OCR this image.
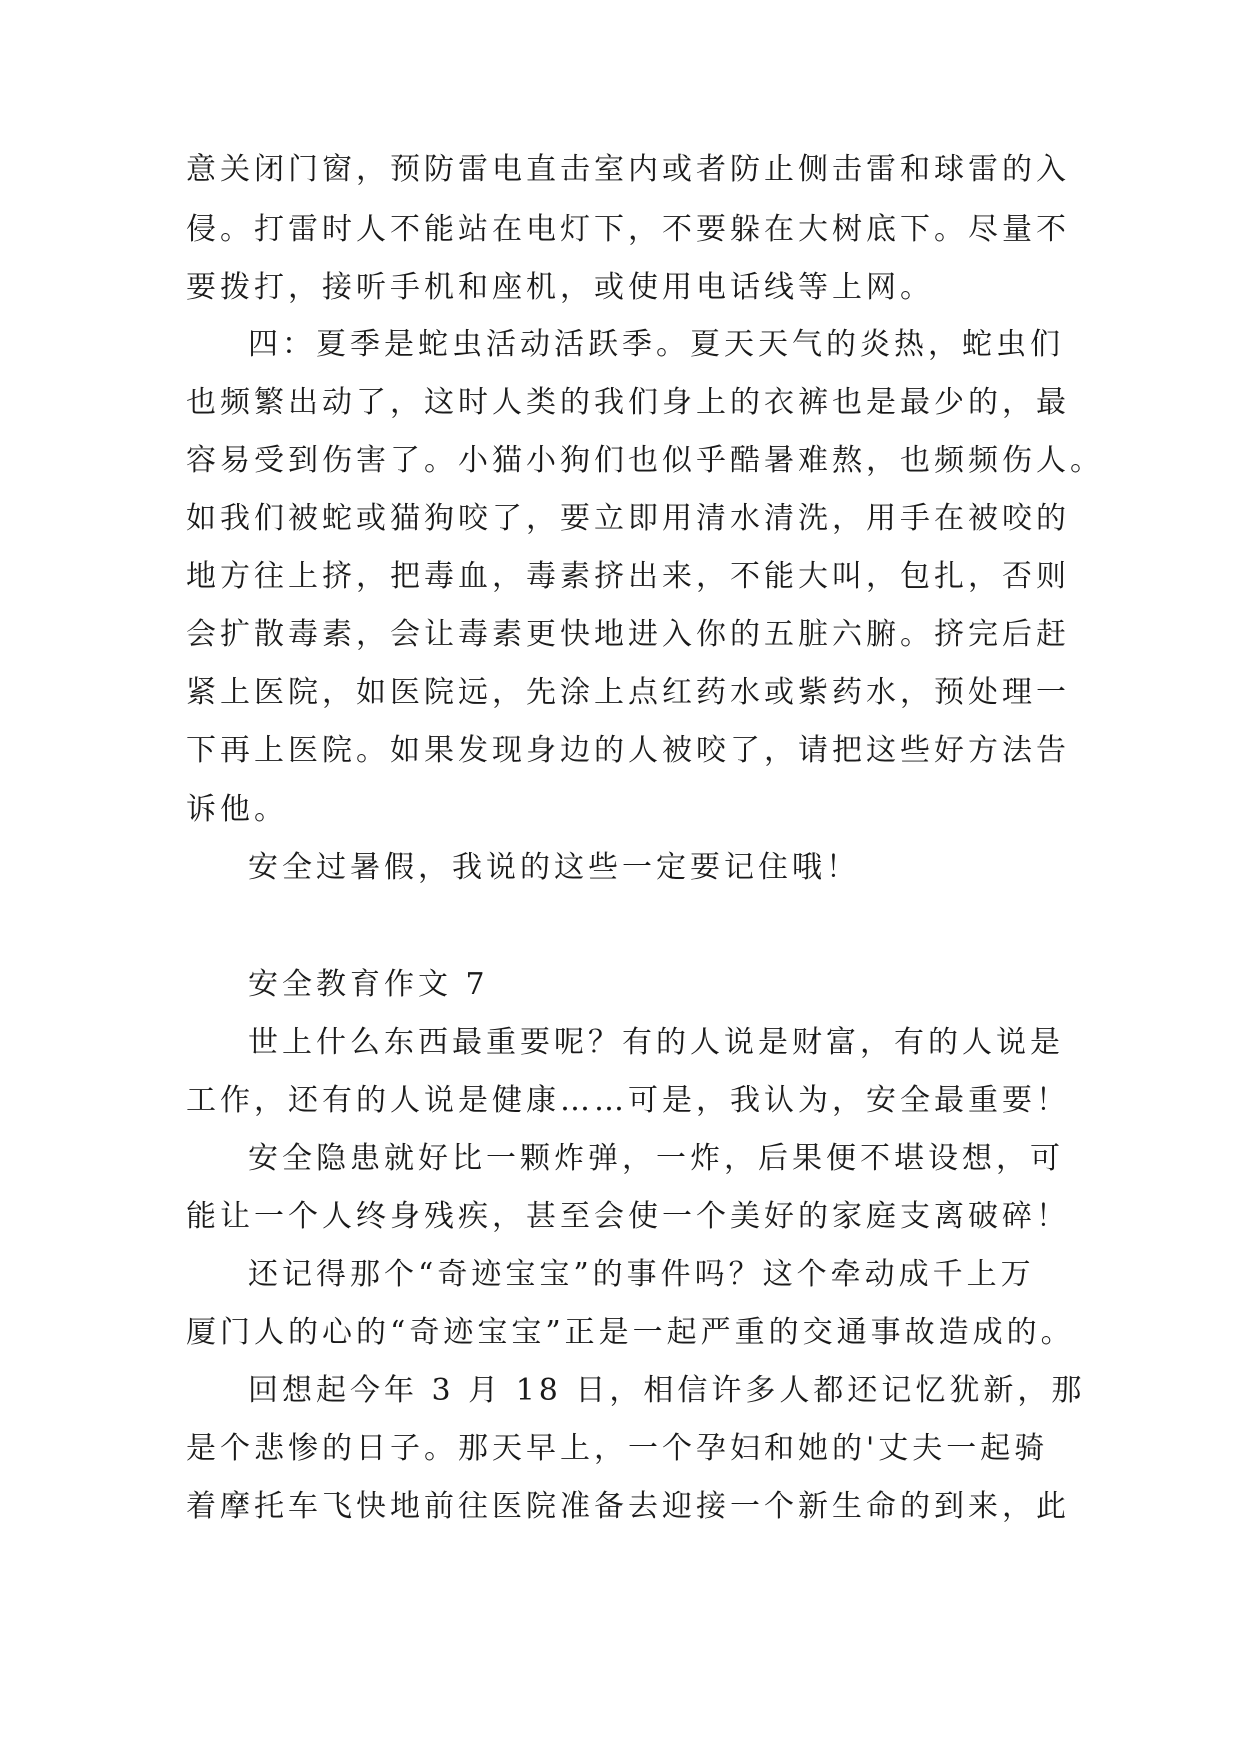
意关闭门窗，预防雷电直击室内或者防止侧击雷和球雷的入
侵。打雷时人不能站在电灯下，不要躲在大树底下。尽量不
要拨打，接听手机和座机，或使用电话线等上网。
四：夏季是蛇虫活动活跃季。夏天天气的炎热，蛇虫们
也频繁出动了，这时人类的我们身上的衣裤也是最少的，最
容易受到伤害了。小猫小狗们也似乎酷暑难熬，也频频伤人。
如我们被蛇或猫狗咬了，要立即用清水清洗，用手在被咬的
地方往上挤，把毒血，毒素挤出来，不能大叫，包扎，否则
会扩散毒素，会让毒素更快地进入你的五脏六腑。挤完后赶
紧上医院，如医院远，先涂上点红药水或紫药水，预处理一
下再上医院。如果发现身边的人被咬了，请把这些好方法告
诉他。
安全过暑假，我说的这些一定要记住哦！
安全教育作文 7
世上什么东西最重要呢？有的人说是财富，有的人说是
工作，还有的人说是健康……可是，我认为，安全最重要！
安全隐患就好比一颗炸弹，一炸，后果便不堪设想，可
能让一个人终身残疾，甚至会使一个美好的家庭支离破碎！
还记得那个“奇迹宝宝”的事件吗？这个牵动成千上万
厦门人的心的“奇迹宝宝”正是一起严重的交通事故造成的。
回想起今年 3 月 18 日，相信许多人都还记忆犹新，那
是个悲惨的日子。那天早上，一个孕妇和她的'丈夫一起骑
着摩托车飞快地前往医院准备去迎接一个新生命的到来，此
